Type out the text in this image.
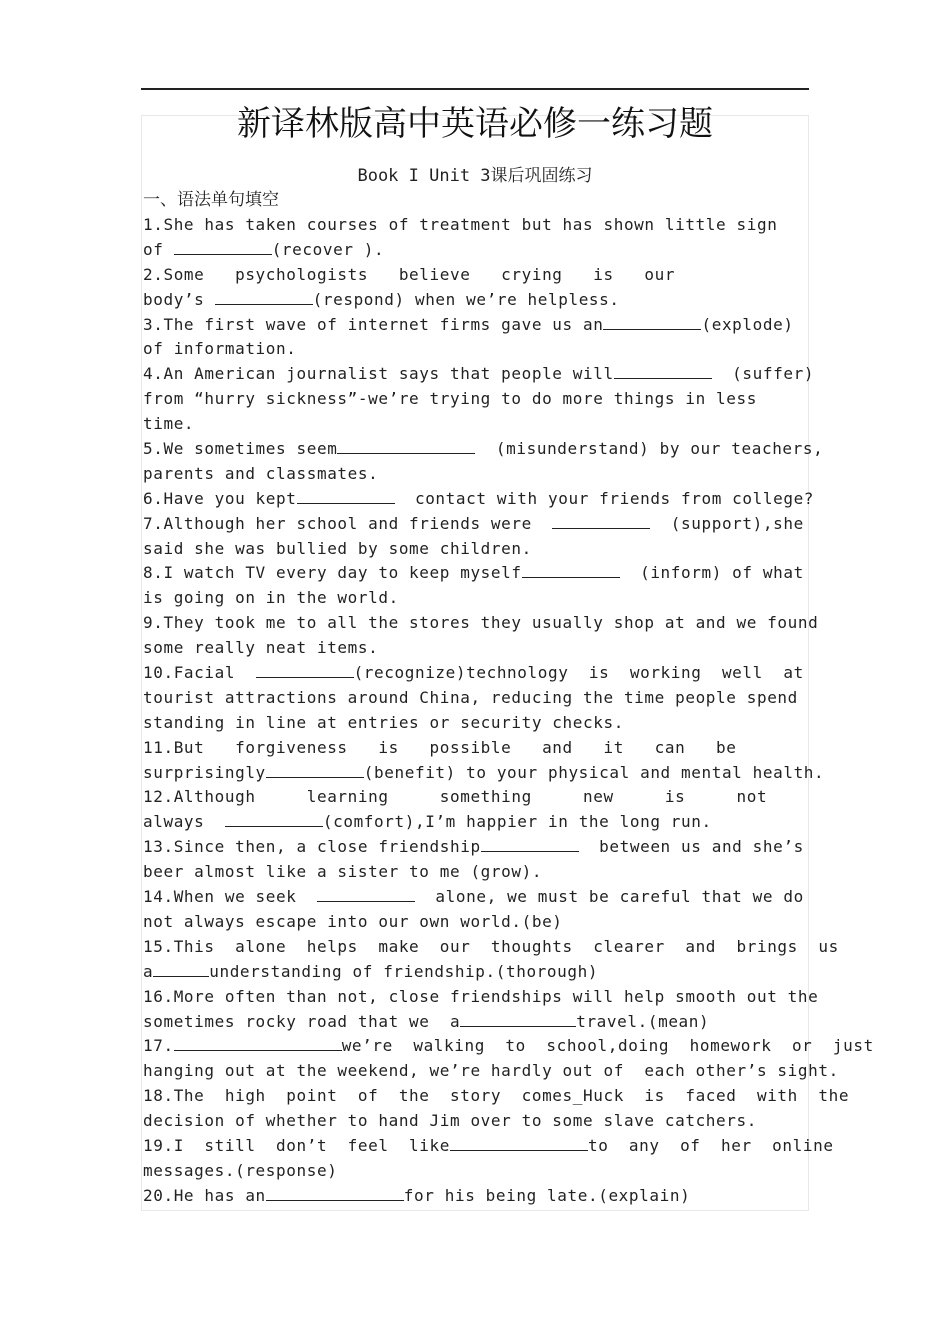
新译林版高中英语必修一练习题
Book I Unit 3课后巩固练习
一、语法单句填空
1.She has taken courses of treatment but has shown little sign
of	(recover ).
2.Some   psychologists   believe   crying   is   our
body’s	(respond) when we’re helpless.
3.The first wave of internet firms gave us an	(explode)
of information.
4.An American journalist says that people will	(suffer)
from “hurry sickness”-we’re trying to do more things in less
time.
5.We sometimes seem	(misunderstand) by our teachers,
parents and classmates.
6.Have you kept	contact with your friends from college?
7.Although her school and friends were	(support),she
said she was bullied by some children.
8.I watch TV every day to keep myself	(inform) of what
is going on in the world.
9.They took me to all the stores they usually shop at and we found
some really neat items.
10.Facial	(recognize)technology  is  working  well  at
tourist attractions around China, reducing the time people spend
standing in line at entries or security checks.
11.But   forgiveness   is   possible   and   it   can   be
surprisingly	(benefit) to your physical and mental health.
12.Although     learning     something     new     is     not
always	(comfort),I’m happier in the long run.
13.Since then, a close friendship	between us and she’s
beer almost like a sister to me (grow).
14.When we seek	alone, we must be careful that we do
not always escape into our own world.(be)
15.This  alone  helps  make  our  thoughts  clearer  and  brings  us
a	understanding of friendship.(thorough)
16.More often than not, close friendships will help smooth out the
sometimes rocky road that we  a	travel.(mean)
17.	we’re  walking  to  school,doing  homework  or  just
hanging out at the weekend, we’re hardly out of  each other’s sight.
18.The  high  point  of  the  story  comes_Huck  is  faced  with  the
decision of whether to hand Jim over to some slave catchers.
19.I  still  don’t  feel  like	to  any  of  her  online
messages.(response)
20.He has an	for his being late.(explain)
